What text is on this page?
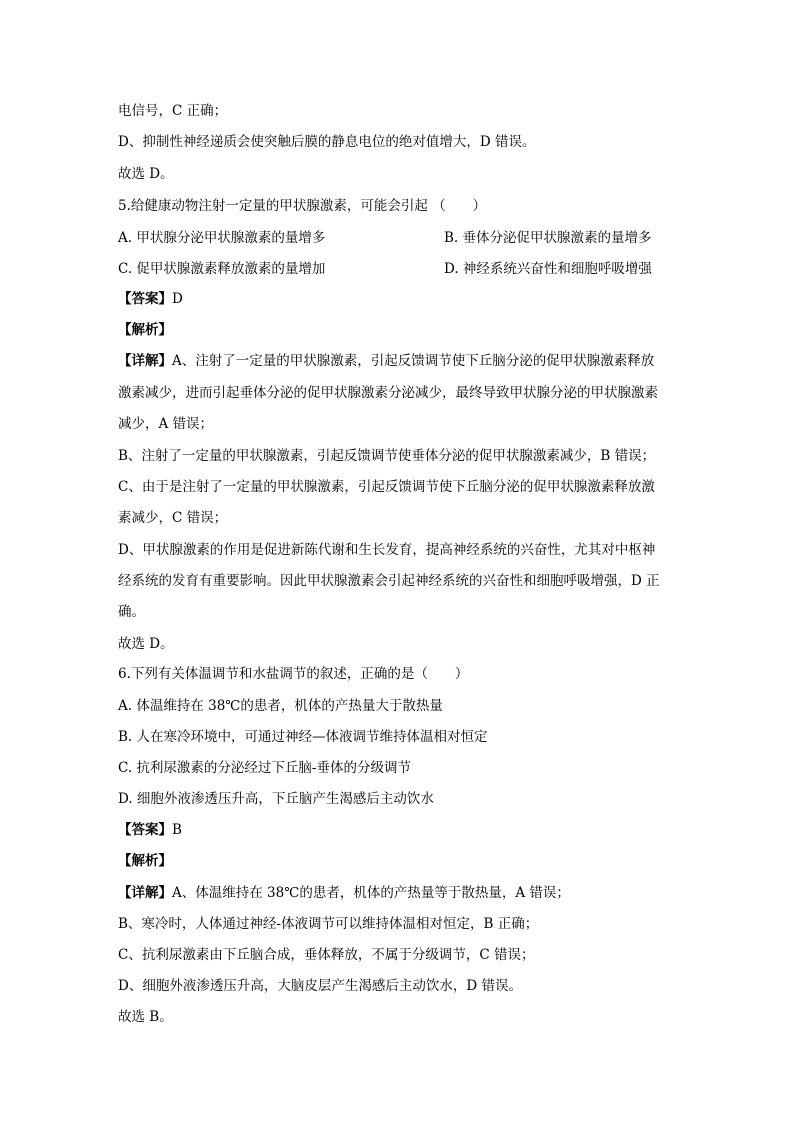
电信号，C 正确；
D、抑制性神经递质会使突触后膜的静息电位的绝对值增大，D 错误。
故选 D。
5.给健康动物注射一定量的甲状腺激素，可能会引起 （　　）
A. 甲状腺分泌甲状腺激素的量增多	B. 垂体分泌促甲状腺激素的量增多
C. 促甲状腺激素释放激素的量增加	D. 神经系统兴奋性和细胞呼吸增强
【答案】D
【解析】
【详解】A、注射了一定量的甲状腺激素，引起反馈调节使下丘脑分泌的促甲状腺激素释放
激素减少，进而引起垂体分泌的促甲状腺激素分泌减少，最终导致甲状腺分泌的甲状腺激素
减少，A 错误；
B、注射了一定量的甲状腺激素，引起反馈调节使垂体分泌的促甲状腺激素减少，B 错误；
C、由于是注射了一定量的甲状腺激素，引起反馈调节使下丘脑分泌的促甲状腺激素释放激
素减少，C 错误；
D、甲状腺激素的作用是促进新陈代谢和生长发育，提高神经系统的兴奋性，尤其对中枢神
经系统的发育有重要影响。因此甲状腺激素会引起神经系统的兴奋性和细胞呼吸增强，D 正
确。
故选 D。
6.下列有关体温调节和水盐调节的叙述，正确的是（　　）
A. 体温维持在 38℃的患者，机体的产热量大于散热量
B. 人在寒冷环境中，可通过神经—体液调节维持体温相对恒定
C. 抗利尿激素的分泌经过下丘脑-垂体的分级调节
D. 细胞外液渗透压升高，下丘脑产生渴感后主动饮水
【答案】B
【解析】
【详解】A、体温维持在 38℃的患者，机体的产热量等于散热量，A 错误；
B、寒冷时，人体通过神经-体液调节可以维持体温相对恒定，B 正确；
C、抗利尿激素由下丘脑合成，垂体释放，不属于分级调节，C 错误；
D、细胞外液渗透压升高，大脑皮层产生渴感后主动饮水，D 错误。
故选 B。
